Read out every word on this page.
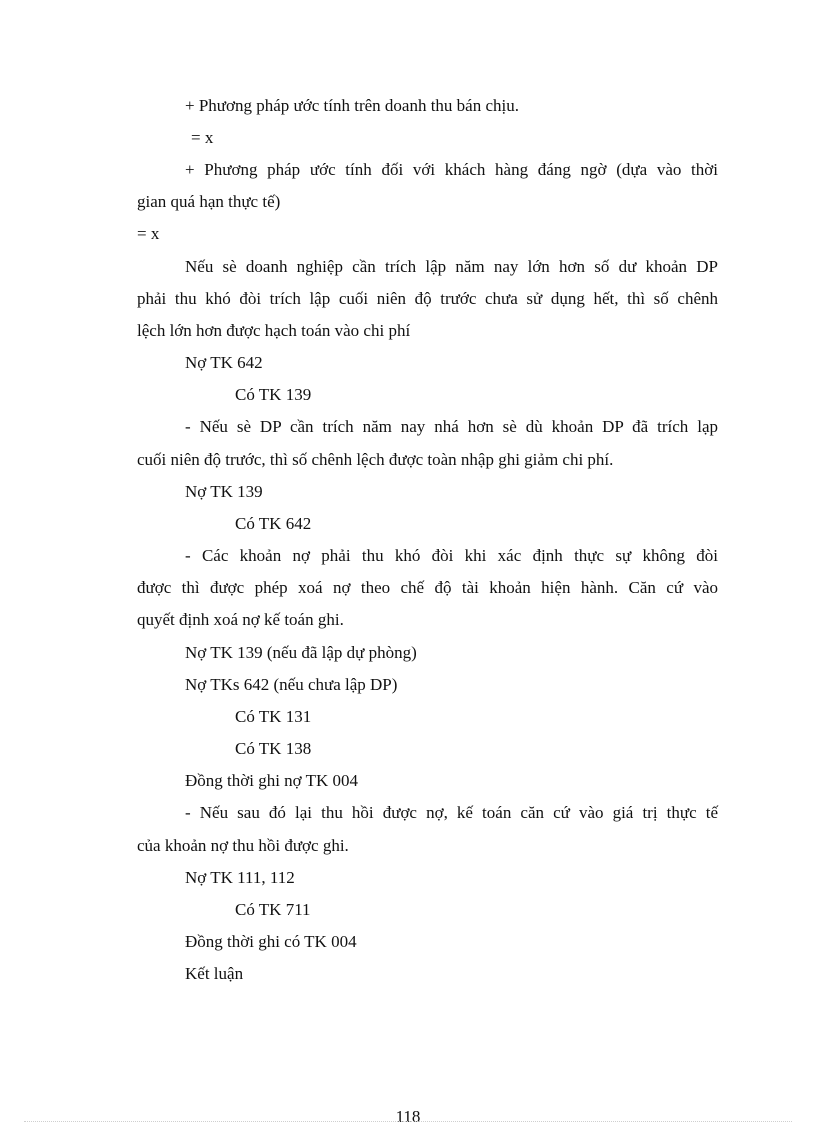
+ Phương pháp ước tính trên doanh thu bán chịu.
= x
+ Phương pháp ước tính đối với khách hàng đáng ngờ (dựa vào thời
gian quá hạn thực tế)
= x
Nếu sè doanh nghiệp cần trích lập năm nay lớn hơn số dư khoản DP
phải thu khó đòi trích lập cuối niên độ trước chưa sử dụng hết, thì số chênh
lệch lớn hơn được hạch toán vào chi phí
Nợ TK 642
Có TK 139
- Nếu sè DP cần trích năm nay nhá hơn sè dù khoản DP đã trích lạp
cuối niên độ trước, thì số chênh lệch được toàn nhập ghi giảm chi phí.
Nợ TK 139
Có TK 642
- Các khoản nợ phải thu khó đòi khi xác định thực sự không đòi
được thì được phép xoá nợ theo chế độ tài khoản hiện hành. Căn cứ vào
quyết định xoá nợ kế toán ghi.
Nợ TK 139 (nếu đã lập dự phòng)
Nợ TKs 642 (nếu chưa lập DP)
Có TK 131
Có TK 138
Đồng thời ghi nợ TK 004
- Nếu sau đó lại thu hồi được nợ, kế toán căn cứ vào giá trị thực tế
của khoản nợ thu hồi được ghi.
Nợ TK 111, 112
Có TK 711
Đồng thời ghi có TK 004
Kết luận
118
